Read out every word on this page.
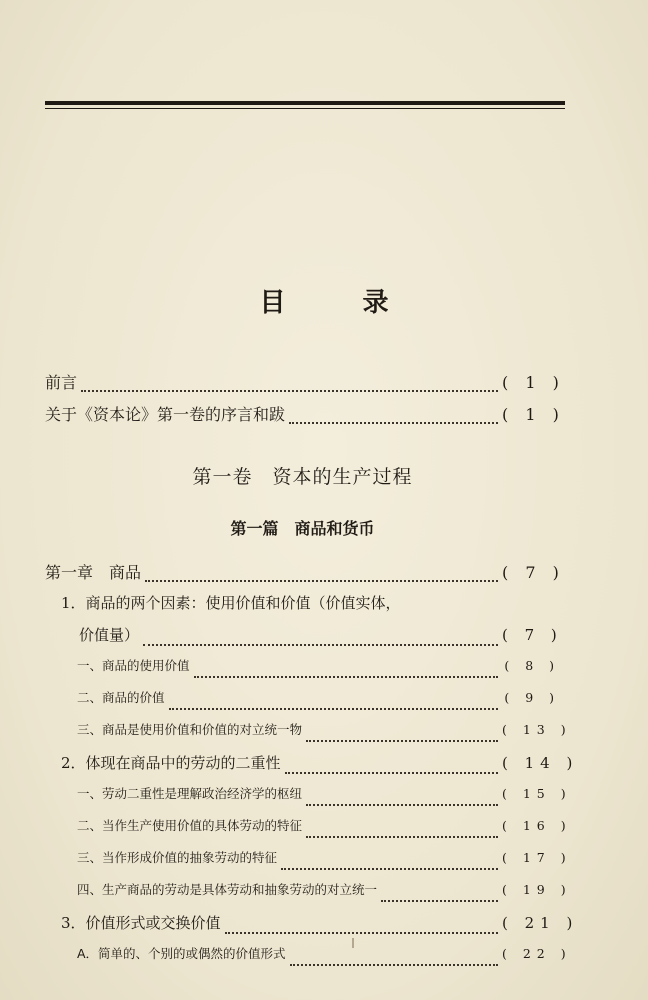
目 录
前言	( 1 )
关于《资本论》第一卷的序言和跋	( 1 )
第一卷　资本的生产过程
第一篇　商品和货币
第一章　商品	( 7 )
1．商品的两个因素：使用价值和价值（价值实体，
价值量）	( 7 )
一、商品的使用价值	( 8 )
二、商品的价值	( 9 )
三、商品是使用价值和价值的对立统一物	( 13 )
2．体现在商品中的劳动的二重性	( 14 )
一、劳动二重性是理解政治经济学的枢纽	( 15 )
二、当作生产使用价值的具体劳动的特征	( 16 )
三、当作形成价值的抽象劳动的特征	( 17 )
四、生产商品的劳动是具体劳动和抽象劳动的对立统一	( 19 )
3．价值形式或交换价值	( 21 )
A．简单的、个别的或偶然的价值形式	( 22 )
